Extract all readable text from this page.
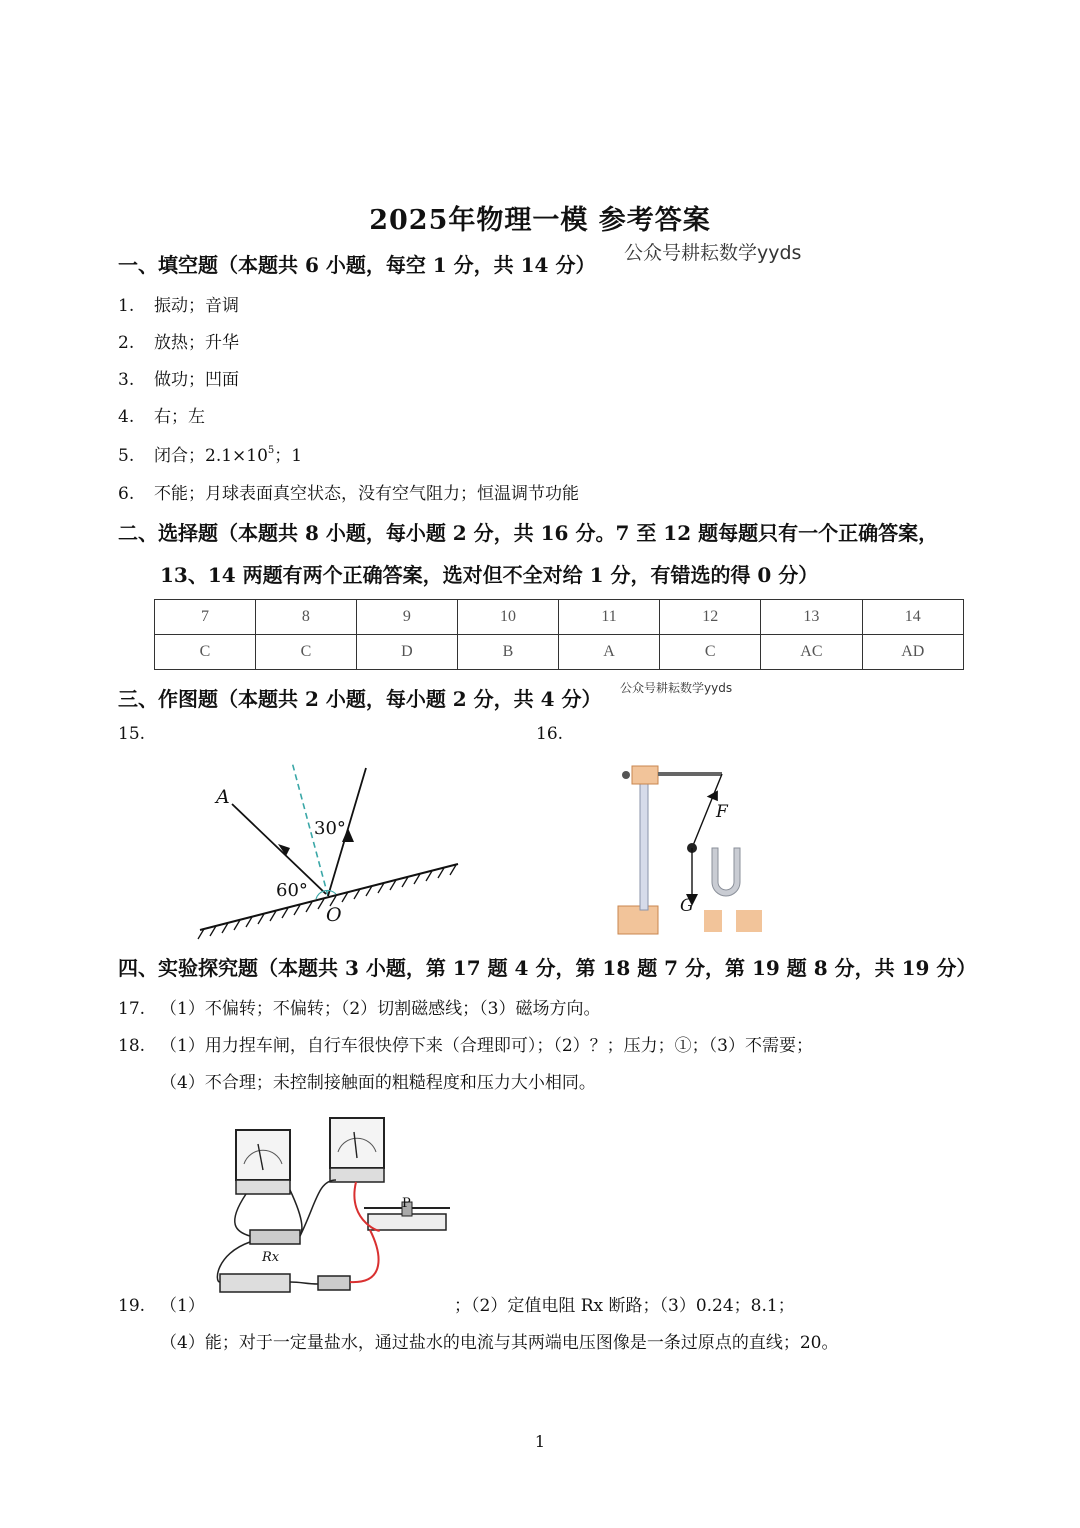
2025年物理一模 参考答案
公众号耕耘数学yyds
一、填空题（本题共 6 小题，每空 1 分，共 14 分）
1. 振动；音调
2. 放热；升华
3. 做功；凹面
4. 右；左
5. 闭合；$2.1\times 10^5$；1
6. 不能；月球表面真空状态，没有空气阻力；恒温调节功能
二、选择题（本题共 8 小题，每小题 2 分，共 16 分。7 至 12 题每题只有一个正确答案，
13、14 两题有两个正确答案，选对但不全对给 1 分，有错选的得 0 分）
7	8	9	10	11	12	13	14
C	C	D	B	A	C	AC	AD
三、作图题（本题共 2 小题，每小题 2 分，共 4 分） 公众号耕耘数学yyds
15.	16.
A
30°
60°
O
F
G
四、实验探究题（本题共 3 小题，第 17 题 4 分，第 18 题 7 分，第 19 题 8 分，共 19 分）
17. （1）不偏转；不偏转；（2）切割磁感线；（3）磁场方向。
18. （1）用力捏车闸，自行车很快停下来（合理即可）；（2）？；压力；①；（3）不需要；
（4）不合理；未控制接触面的粗糙程度和压力大小相同。
Rx
P
19. （1）	；（2）定值电阻 Rx 断路；（3）0.24；8.1；
（4）能；对于一定量盐水，通过盐水的电流与其两端电压图像是一条过原点的直线；20。
1
